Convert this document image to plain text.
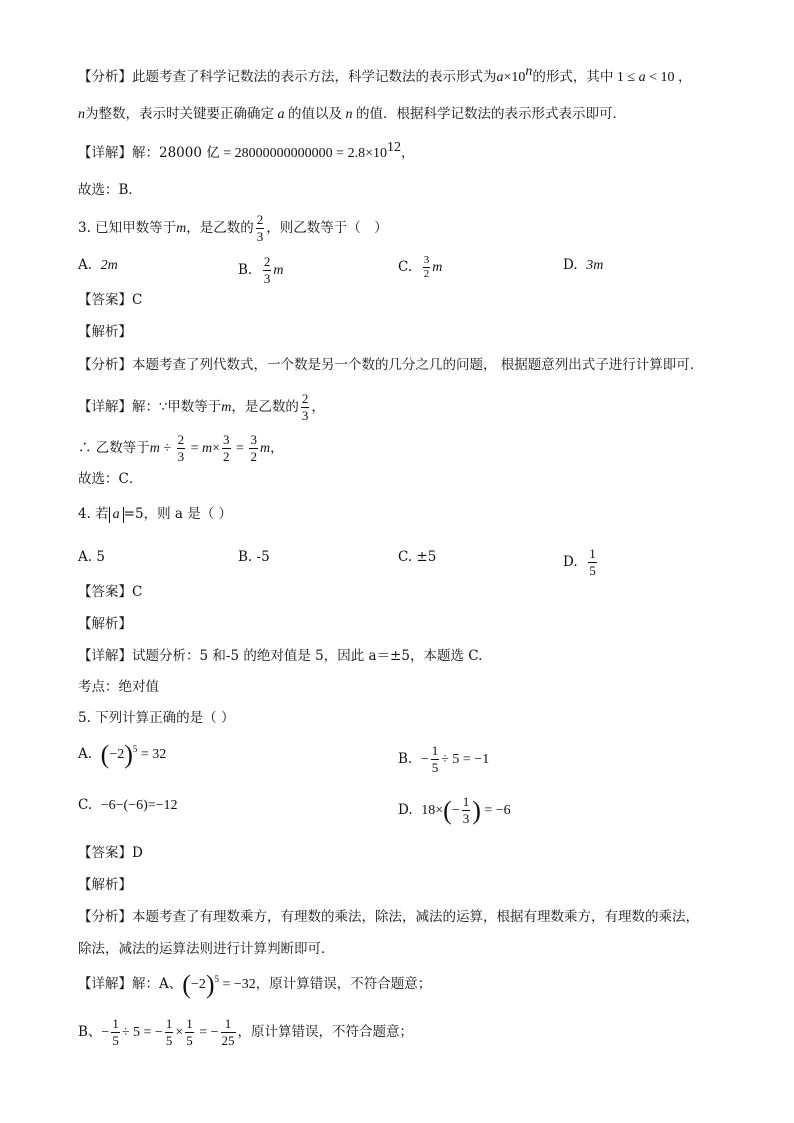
【分析】此题考查了科学记数法的表示方法，科学记数法的表示形式为$a\times 10^n$的形式，其中 1 ≤ a < 10 ，
n为整数，表示时关键要正确确定 a 的值以及 n 的值．根据科学记数法的表示形式表示即可．
【详解】解：28000 亿 = $28000000000000 = 2.8\times 10^{12}$，
故选：B．
3. 已知甲数等于m，是乙数的 $\frac{2}{3}$ ，则乙数等于（　）
A. 2m	B. $\frac{2}{3}$ m	C. $\frac{3}{2}$ m	D. 3m
【答案】C
【解析】
【分析】本题考查了列代数式，一个数是另一个数的几分之几的问题， 根据题意列出式子进行计算即可．
【详解】解：∵甲数等于m，是乙数的 $\frac{2}{3}$ ，
∴ 乙数等于$m \div \frac{2}{3} = m\times \frac{3}{2} = \frac{3}{2}$ m，
故选：C．
4. 若 a =5，则 a 是（ ）
A. 5	B. -5	C. ±5	D. $\frac{1}{5}$
【答案】C
【解析】
【详解】试题分析：5 和-5 的绝对值是 5，因此 a＝±5，本题选 C.
考点：绝对值
5. 下列计算正确的是（ ）
A. $(-2)^5 = 32$	B. − $\frac{1}{5} \div 5 = -1$
C. −6−(−6)=−12	D. $18\times(- \frac{1}{3}$ ) = −6
【答案】D
【解析】
【分析】本题考查了有理数乘方，有理数的乘法，除法，减法的运算，根据有理数乘方，有理数的乘法，
除法，减法的运算法则进行计算判断即可．
【详解】解：A、$(-2)^5 = -32$，原计算错误，不符合题意；
B、− $\frac{1}{5} \div 5$ = − $\frac{1}{5} \times \frac{1}{5}$ = − $\frac{1}{25}$ ，原计算错误，不符合题意；
